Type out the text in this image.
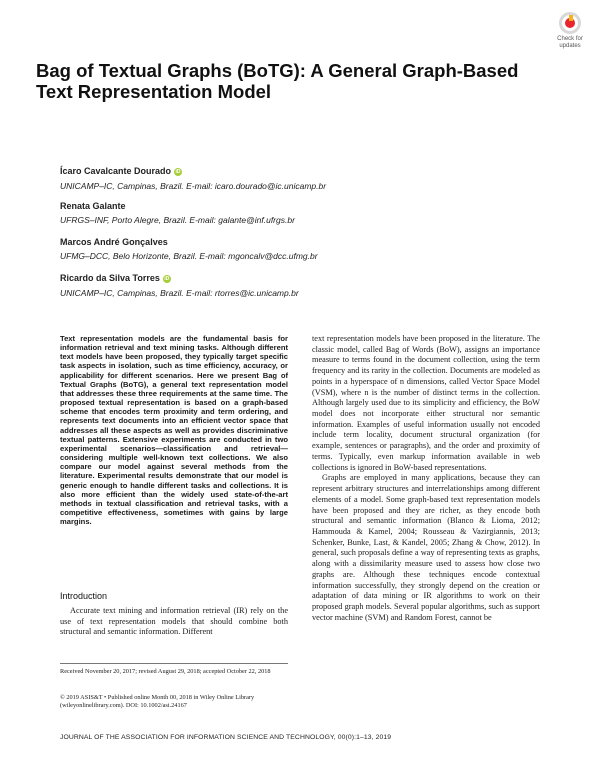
Check for
updates
Bag of Textual Graphs (BoTG): A General Graph-Based Text Representation Model
Ícaro Cavalcante Dourado iD
UNICAMP–IC, Campinas, Brazil. E-mail: icaro.dourado@ic.unicamp.br
Renata Galante
UFRGS–INF, Porto Alegre, Brazil. E-mail: galante@inf.ufrgs.br
Marcos André Gonçalves
UFMG–DCC, Belo Horizonte, Brazil. E-mail: mgoncalv@dcc.ufmg.br
Ricardo da Silva Torres iD
UNICAMP–IC, Campinas, Brazil. E-mail: rtorres@ic.unicamp.br
Text representation models are the fundamental basis for information retrieval and text mining tasks. Although different text models have been proposed, they typically target specific task aspects in isolation, such as time efficiency, accuracy, or applicability for different scenarios. Here we present Bag of Textual Graphs (BoTG), a general text representation model that addresses these three requirements at the same time. The proposed textual representation is based on a graph-based scheme that encodes term proximity and term ordering, and represents text documents into an efficient vector space that addresses all these aspects as well as provides discriminative textual patterns. Extensive experiments are conducted in two experimental scenarios—classification and retrieval—considering multiple well-known text collections. We also compare our model against several methods from the literature. Experimental results demonstrate that our model is generic enough to handle different tasks and collections. It is also more efficient than the widely used state-of-the-art methods in textual classification and retrieval tasks, with a competitive effectiveness, sometimes with gains by large margins.
Introduction
Accurate text mining and information retrieval (IR) rely on the use of text representation models that should combine both structural and semantic information. Different
Received November 20, 2017; revised August 29, 2018; accepted October 22, 2018
© 2019 ASIS&T • Published online Month 00, 2018 in Wiley Online Library (wileyonlinelibrary.com). DOI: 10.1002/asi.24167

text representation models have been proposed in the literature. The classic model, called Bag of Words (BoW), assigns an importance measure to terms found in the document collection, using the term frequency and its rarity in the collection. Documents are modeled as points in a hyperspace of n dimensions, called Vector Space Model (VSM), where n is the number of distinct terms in the collection. Although largely used due to its simplicity and efficiency, the BoW model does not incorporate either structural nor semantic information. Examples of useful information usually not encoded include term locality, document structural organization (for example, sentences or paragraphs), and the order and proximity of terms. Typically, even markup information available in web collections is ignored in BoW-based representations.

Graphs are employed in many applications, because they can represent arbitrary structures and interrelationships among different elements of a model. Some graph-based text representation models have been proposed and they are richer, as they encode both structural and semantic information (Blanco & Lioma, 2012; Hammouda & Kamel, 2004; Rousseau & Vazirgiannis, 2013; Schenker, Bunke, Last, & Kandel, 2005; Zhang & Chow, 2012). In general, such proposals define a way of representing texts as graphs, along with a dissimilarity measure used to assess how close two graphs are. Although these techniques encode contextual information successfully, they strongly depend on the creation or adaptation of data mining or IR algorithms to work on their proposed graph models. Several popular algorithms, such as support vector machine (SVM) and Random Forest, cannot be

JOURNAL OF THE ASSOCIATION FOR INFORMATION SCIENCE AND TECHNOLOGY, 00(0):1–13, 2019
